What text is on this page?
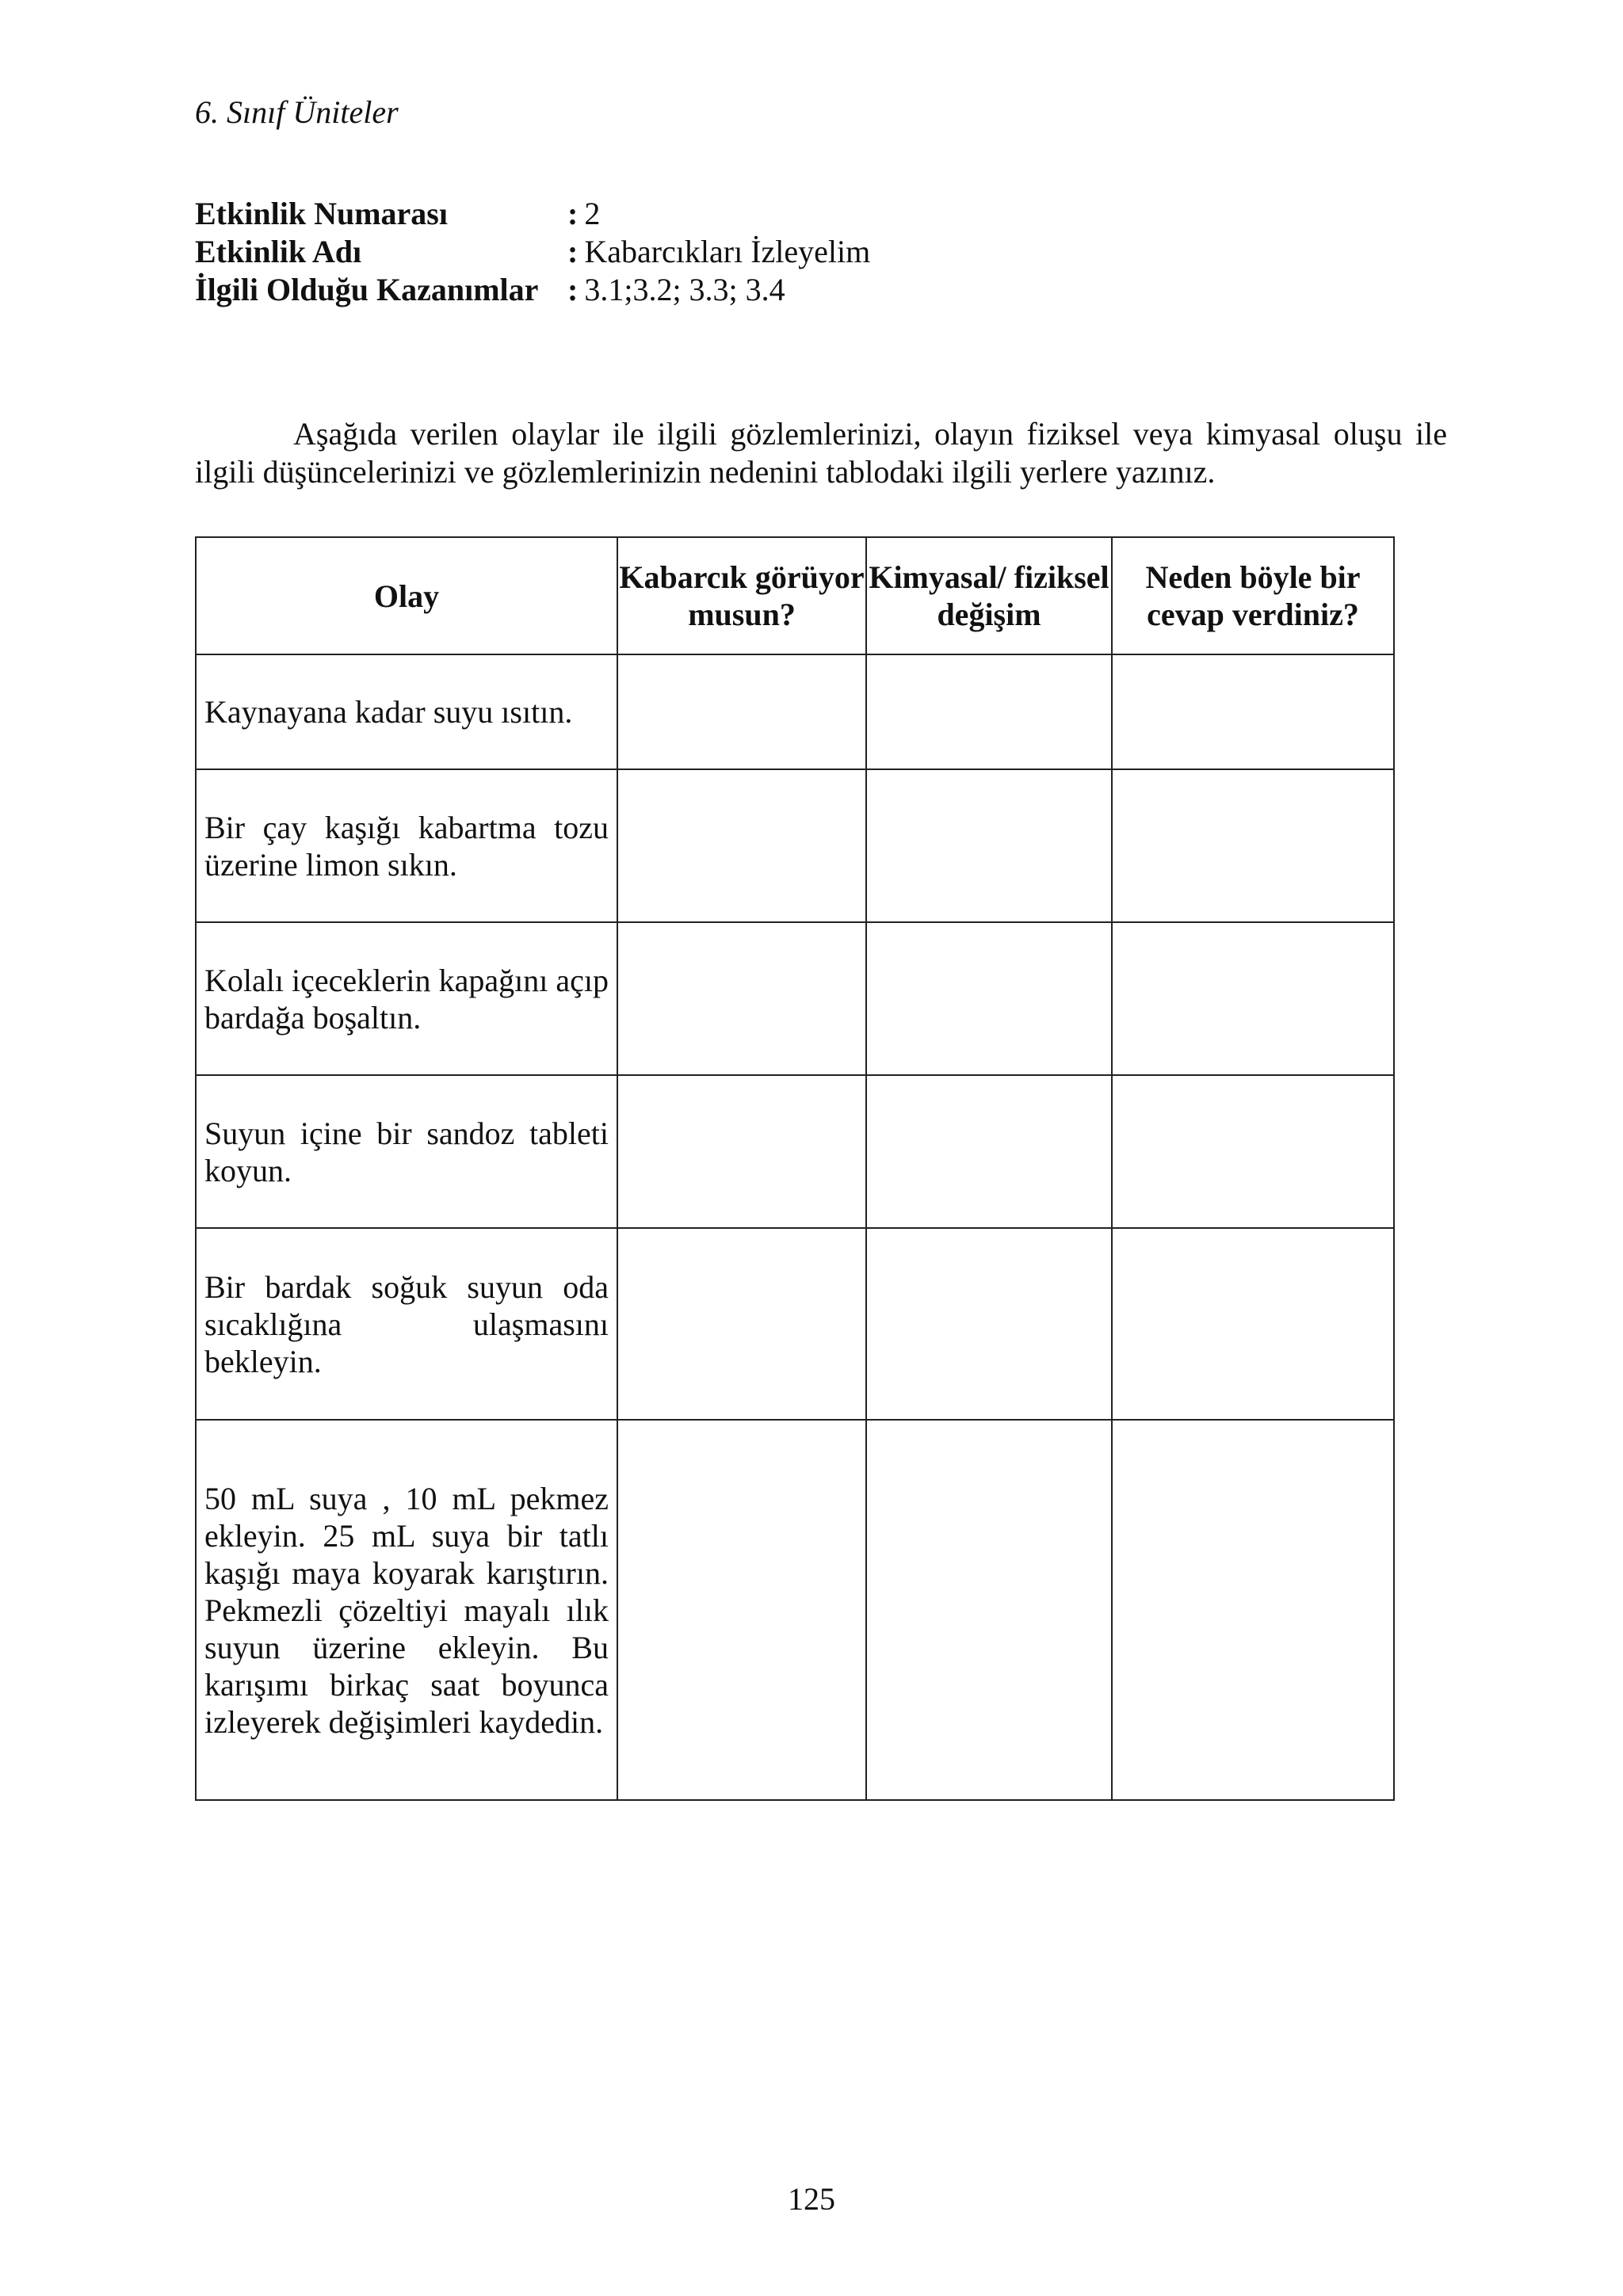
6. Sınıf Üniteler
Etkinlik Numarası	: 2
Etkinlik Adı	: Kabarcıkları İzleyelim
İlgili Olduğu Kazanımlar : 3.1;3.2; 3.3; 3.4

Aşağıda verilen olaylar ile ilgili gözlemlerinizi, olayın fiziksel veya kimyasal oluşu ile ilgili düşüncelerinizi ve gözlemlerinizin nedenini tablodaki ilgili yerlere yazınız.

Olay	Kabarcık görüyor musun?	Kimyasal/ fiziksel değişim	Neden böyle bir cevap verdiniz?
Kaynayana kadar suyu ısıtın.			
Bir çay kaşığı kabartma tozu üzerine limon sıkın.			
Kolalı içeceklerin kapağını açıp bardağa boşaltın.			
Suyun içine bir sandoz tableti koyun.			
Bir bardak soğuk suyun oda sıcaklığına ulaşmasını bekleyin.			
50 mL suya , 10 mL pekmez ekleyin. 25 mL suya bir tatlı kaşığı maya koyarak karıştırın. Pekmezli çözeltiyi mayalı ılık suyun üzerine ekleyin. Bu karışımı birkaç saat boyunca izleyerek değişimleri kaydedin.			
125
